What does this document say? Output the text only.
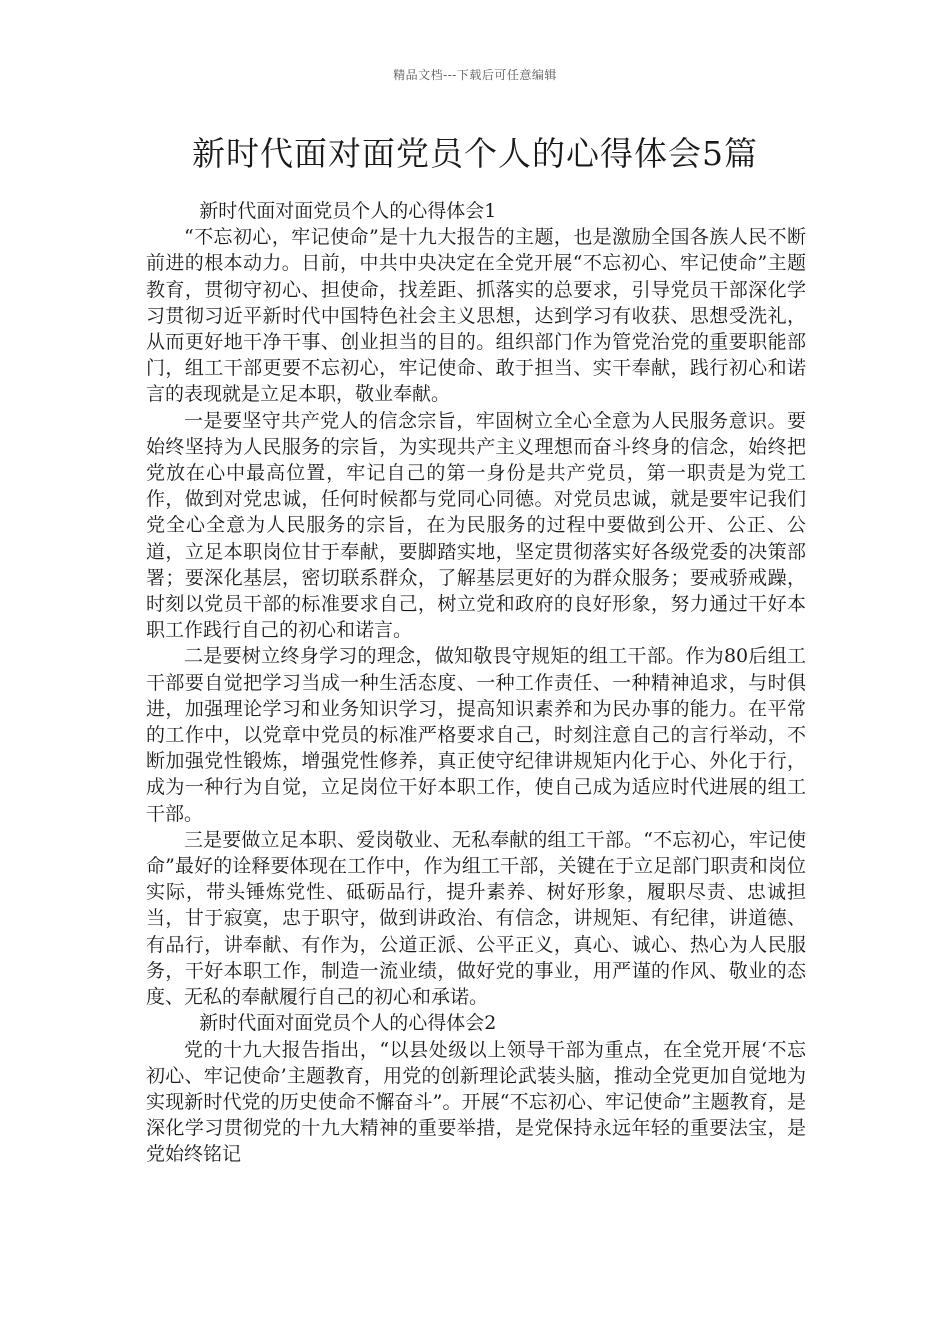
精品文档---下载后可任意编辑
新时代面对面党员个人的心得体会5篇

新时代面对面党员个人的心得体会1

“不忘初心，牢记使命”是十九大报告的主题，也是激励全国各族人民不断前进的根本动力。日前，中共中央决定在全党开展“不忘初心、牢记使命”主题教育，贯彻守初心、担使命，找差距、抓落实的总要求，引导党员干部深化学习贯彻习近平新时代中国特色社会主义思想，达到学习有收获、思想受洗礼，从而更好地干净干事、创业担当的目的。组织部门作为管党治党的重要职能部门，组工干部更要不忘初心，牢记使命、敢于担当、实干奉献，践行初心和诺言的表现就是立足本职，敬业奉献。

一是要坚守共产党人的信念宗旨，牢固树立全心全意为人民服务意识。要始终坚持为人民服务的宗旨，为实现共产主义理想而奋斗终身的信念，始终把党放在心中最高位置，牢记自己的第一身份是共产党员，第一职责是为党工作，做到对党忠诚，任何时候都与党同心同德。对党员忠诚，就是要牢记我们党全心全意为人民服务的宗旨，在为民服务的过程中要做到公开、公正、公道，立足本职岗位甘于奉献，要脚踏实地，坚定贯彻落实好各级党委的决策部署；要深化基层，密切联系群众，了解基层更好的为群众服务；要戒骄戒躁，时刻以党员干部的标准要求自己，树立党和政府的良好形象，努力通过干好本职工作践行自己的初心和诺言。

二是要树立终身学习的理念，做知敬畏守规矩的组工干部。作为80后组工干部要自觉把学习当成一种生活态度、一种工作责任、一种精神追求，与时俱进，加强理论学习和业务知识学习，提高知识素养和为民办事的能力。在平常的工作中，以党章中党员的标准严格要求自己，时刻注意自己的言行举动，不断加强党性锻炼，增强党性修养，真正使守纪律讲规矩内化于心、外化于行，成为一种行为自觉，立足岗位干好本职工作，使自己成为适应时代进展的组工干部。

三是要做立足本职、爱岗敬业、无私奉献的组工干部。“不忘初心，牢记使命”最好的诠释要体现在工作中，作为组工干部，关键在于立足部门职责和岗位实际，带头锤炼党性、砥砺品行，提升素养、树好形象，履职尽责、忠诚担当，甘于寂寞，忠于职守，做到讲政治、有信念，讲规矩、有纪律，讲道德、有品行，讲奉献、有作为，公道正派、公平正义，真心、诚心、热心为人民服务，干好本职工作，制造一流业绩，做好党的事业，用严谨的作风、敬业的态度、无私的奉献履行自己的初心和承诺。

新时代面对面党员个人的心得体会2

党的十九大报告指出，“以县处级以上领导干部为重点，在全党开展‘不忘初心、牢记使命’主题教育，用党的创新理论武装头脑，推动全党更加自觉地为实现新时代党的历史使命不懈奋斗”。开展“不忘初心、牢记使命”主题教育，是深化学习贯彻党的十九大精神的重要举措，是党保持永远年轻的重要法宝，是党始终铭记
